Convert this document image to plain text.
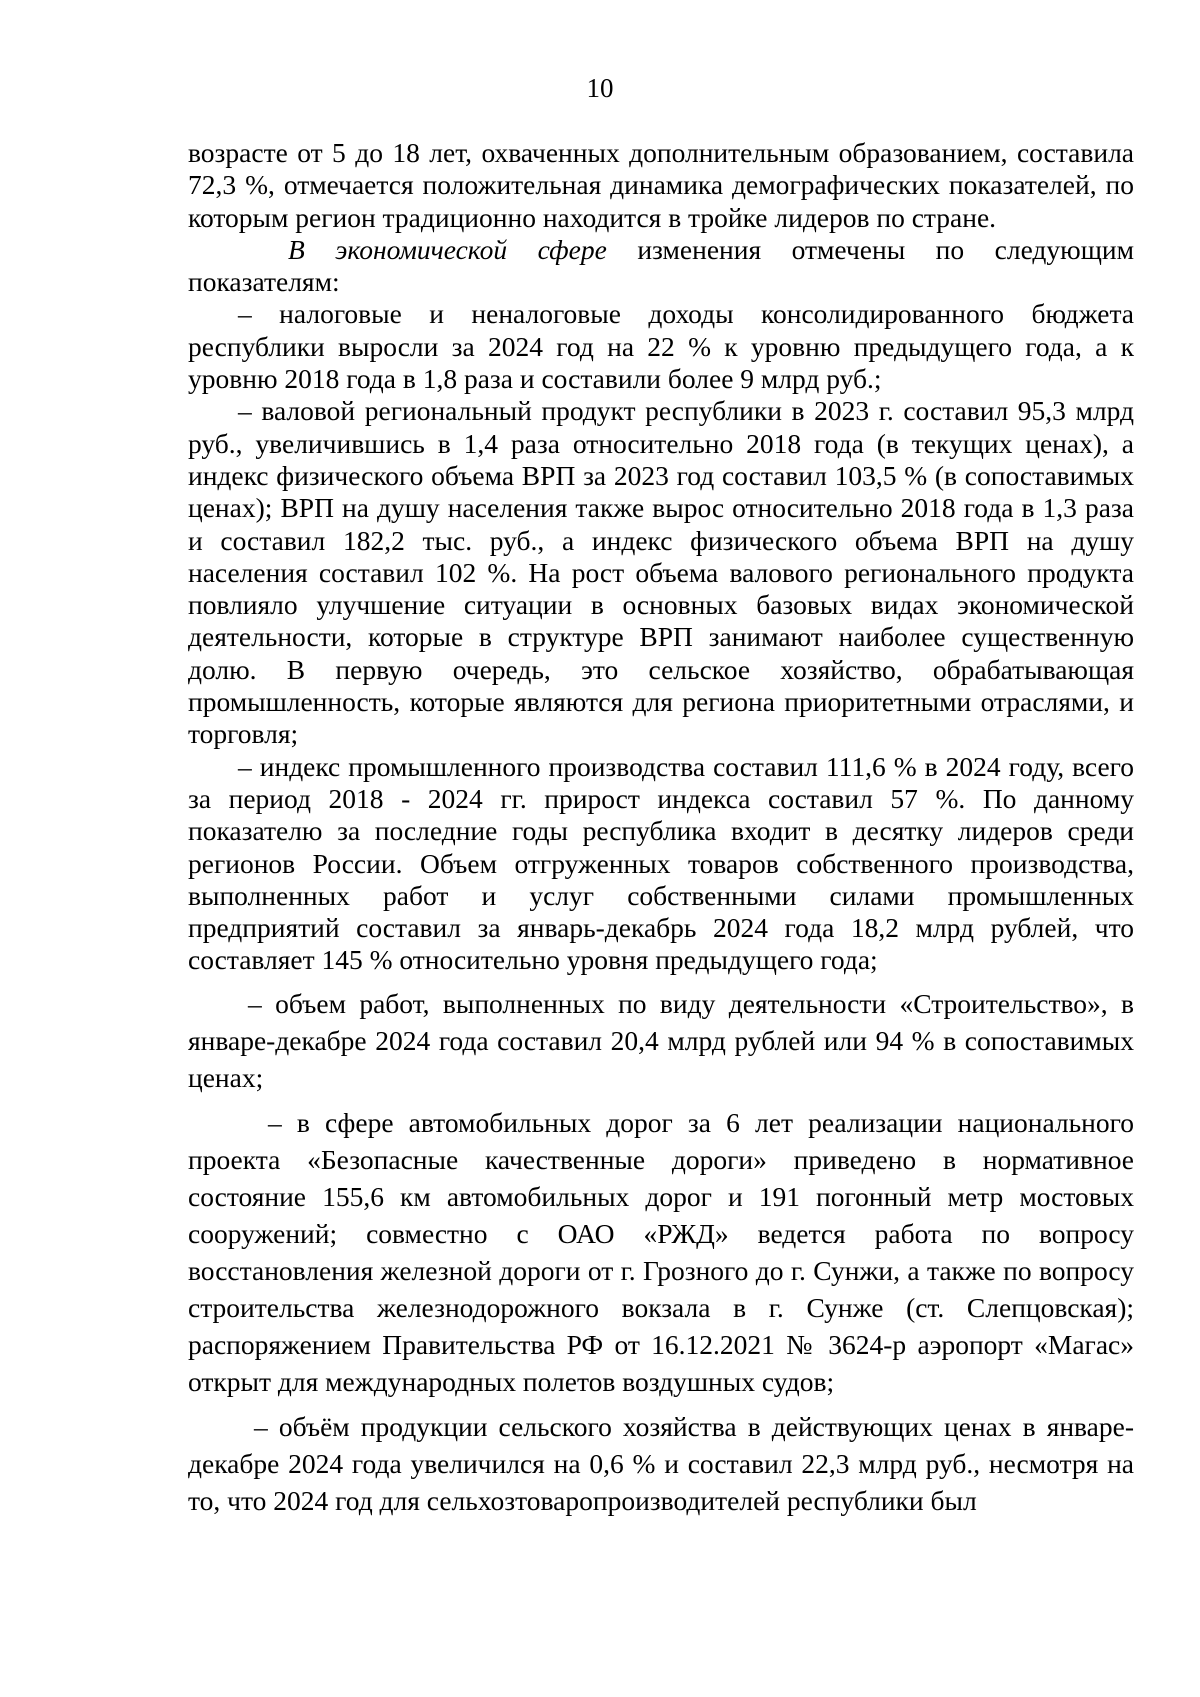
10

возрасте от 5 до 18 лет, охваченных дополнительным образованием, составила 72,3 %, отмечается положительная динамика демографических показателей, по которым регион традиционно находится в тройке лидеров по стране.

В экономической сфере изменения отмечены по следующим показателям:

– налоговые и неналоговые доходы консолидированного бюджета республики выросли за 2024 год на 22 % к уровню предыдущего года, а к уровню 2018 года в 1,8 раза и составили более 9 млрд руб.;

– валовой региональный продукт республики в 2023 г. составил 95,3 млрд руб., увеличившись в 1,4 раза относительно 2018 года (в текущих ценах), а индекс физического объема ВРП за 2023 год составил 103,5 % (в сопоставимых ценах); ВРП на душу населения также вырос относительно 2018 года в 1,3 раза и составил 182,2 тыс. руб., а индекс физического объема ВРП на душу населения составил 102 %. На рост объема валового регионального продукта повлияло улучшение ситуации в основных базовых видах экономической деятельности, которые в структуре ВРП занимают наиболее существенную долю. В первую очередь, это сельское хозяйство, обрабатывающая промышленность, которые являются для региона приоритетными отраслями, и торговля;

– индекс промышленного производства составил 111,6 % в 2024 году, всего за период 2018 - 2024 гг. прирост индекса составил 57 %. По данному показателю за последние годы республика входит в десятку лидеров среди регионов России. Объем отгруженных товаров собственного производства, выполненных работ и услуг собственными силами промышленных предприятий составил за январь-декабрь 2024 года 18,2 млрд рублей, что составляет 145 % относительно уровня предыдущего года;

– объем работ, выполненных по виду деятельности «Строительство», в январе-декабре 2024 года составил 20,4 млрд рублей или 94 % в сопоставимых ценах;

– в сфере автомобильных дорог за 6 лет реализации национального проекта «Безопасные качественные дороги» приведено в нормативное состояние 155,6 км автомобильных дорог и 191 погонный метр мостовых сооружений; совместно с ОАО «РЖД» ведется работа по вопросу восстановления железной дороги от г. Грозного до г. Сунжи, а также по вопросу строительства железнодорожного вокзала в г. Сунже (ст. Слепцовская); распоряжением Правительства РФ от 16.12.2021 № 3624-р аэропорт «Магас» открыт для международных полетов воздушных судов;

– объём продукции сельского хозяйства в действующих ценах в январе-декабре 2024 года увеличился на 0,6 % и составил 22,3 млрд руб., несмотря на то, что 2024 год для сельхозтоваропроизводителей республики был
